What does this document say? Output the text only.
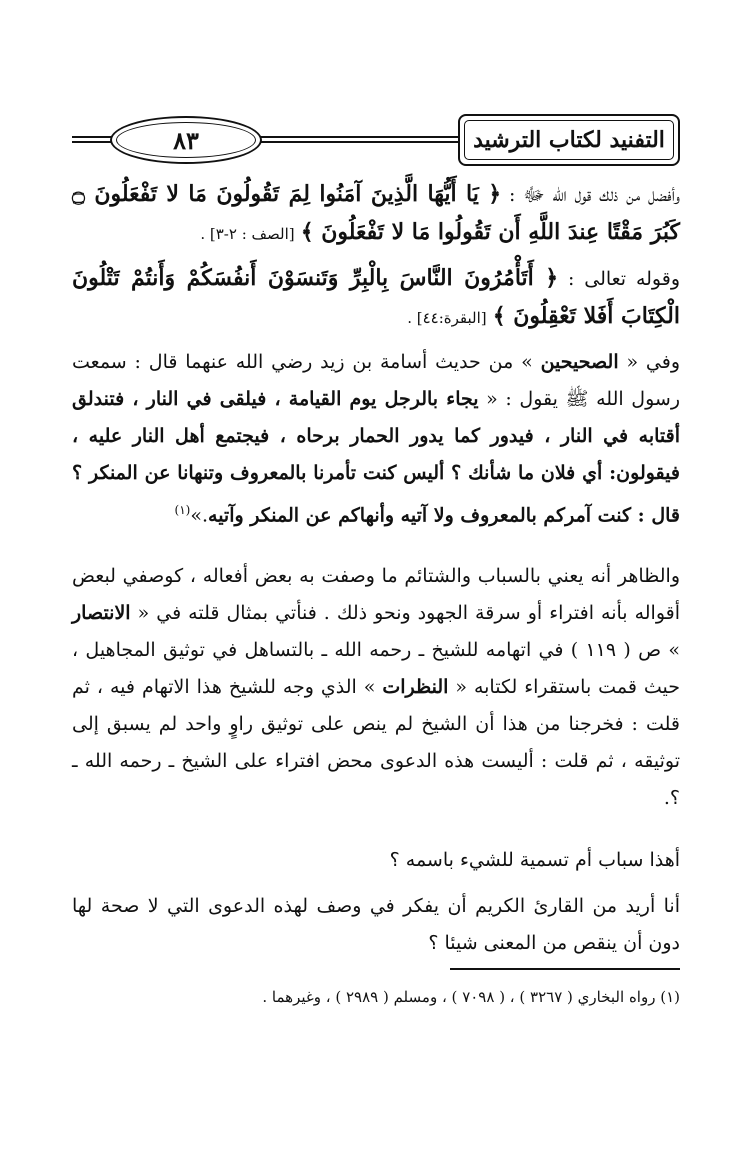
٨٣	التفنيد لكتاب الترشيد

وأفضل من ذلك قول الله ﷻ : ﴿ يَا أَيُّهَا الَّذِينَ آمَنُوا لِمَ تَقُولُونَ مَا لا تَفْعَلُونَ ۝ كَبُرَ مَقْتًا عِندَ اللَّهِ أَن تَقُولُوا مَا لا تَفْعَلُونَ ﴾ [الصف : ٢-٣] .

وقوله تعالى : ﴿ أَتَأْمُرُونَ النَّاسَ بِالْبِرِّ وَتَنسَوْنَ أَنفُسَكُمْ وَأَنتُمْ تَتْلُونَ الْكِتَابَ أَفَلا تَعْقِلُونَ ﴾ [البقرة:٤٤] .

وفي « الصحيحين » من حديث أسامة بن زيد رضي الله عنهما قال : سمعت رسول الله ﷺ يقول : « يجاء بالرجل يوم القيامة ، فيلقى في النار ، فتندلق أقتابه في النار ، فيدور كما يدور الحمار برحاه ، فيجتمع أهل النار عليه ، فيقولون: أي فلان ما شأنك ؟ أليس كنت تأمرنا بالمعروف وتنهانا عن المنكر ؟ قال : كنت آمركم بالمعروف ولا آتيه وأنهاكم عن المنكر وآتيه.»$^{(١)}$

والظاهر أنه يعني بالسباب والشتائم ما وصفت به بعض أفعاله ، كوصفي لبعض أقواله بأنه افتراء أو سرقة الجهود ونحو ذلك . فنأتي بمثال قلته في « الانتصار » ص ( ١١٩ ) في اتهامه للشيخ ـ رحمه الله ـ بالتساهل في توثيق المجاهيل ، حيث قمت باستقراء لكتابه « النظرات » الذي وجه للشيخ هذا الاتهام فيه ، ثم قلت : فخرجنا من هذا أن الشيخ لم ينص على توثيق راوٍ واحد لم يسبق إلى توثيقه ، ثم قلت : أليست هذه الدعوى محض افتراء على الشيخ ـ رحمه الله ـ ؟.

أهذا سباب أم تسمية للشيء باسمه ؟

أنا أريد من القارئ الكريم أن يفكر في وصف لهذه الدعوى التي لا صحة لها دون أن ينقص من المعنى شيئا ؟

(١) رواه البخاري ( ٣٢٦٧ ) ، ( ٧٠٩٨ ) ، ومسلم ( ٢٩٨٩ ) ، وغيرهما .
